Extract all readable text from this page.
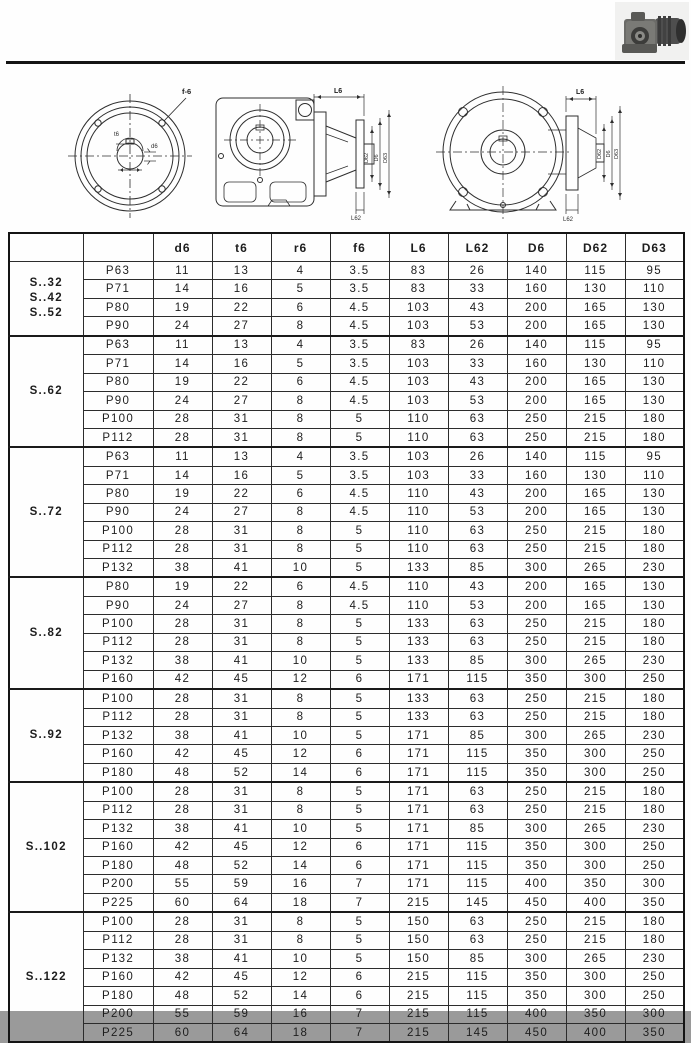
t6
d6
f-6	L6
D62 D6 D63
L62
L6
D62 D6 D63
L62
		d6	t6	r6	f6	L6	L62	D6	D62	D63

S..32
S..42
S..52	P63	11	13	4	3.5	83	26	140	115	95
	P71	14	16	5	3.5	83	33	160	130	110
	P80	19	22	6	4.5	103	43	200	165	130
	P90	24	27	8	4.5	103	53	200	165	130

S..62	P63	11	13	4	3.5	83	26	140	115	95
	P71	14	16	5	3.5	103	33	160	130	110
	P80	19	22	6	4.5	103	43	200	165	130
	P90	24	27	8	4.5	103	53	200	165	130
	P100	28	31	8	5	110	63	250	215	180
	P112	28	31	8	5	110	63	250	215	180

S..72	P63	11	13	4	3.5	103	26	140	115	95
	P71	14	16	5	3.5	103	33	160	130	110
	P80	19	22	6	4.5	110	43	200	165	130
	P90	24	27	8	4.5	110	53	200	165	130
	P100	28	31	8	5	110	63	250	215	180
	P112	28	31	8	5	110	63	250	215	180
	P132	38	41	10	5	133	85	300	265	230

S..82	P80	19	22	6	4.5	110	43	200	165	130
	P90	24	27	8	4.5	110	53	200	165	130
	P100	28	31	8	5	133	63	250	215	180
	P112	28	31	8	5	133	63	250	215	180
	P132	38	41	10	5	133	85	300	265	230
	P160	42	45	12	6	171	115	350	300	250

S..92	P100	28	31	8	5	133	63	250	215	180
	P112	28	31	8	5	133	63	250	215	180
	P132	38	41	10	5	171	85	300	265	230
	P160	42	45	12	6	171	115	350	300	250
	P180	48	52	14	6	171	115	350	300	250

S..102	P100	28	31	8	5	171	63	250	215	180
	P112	28	31	8	5	171	63	250	215	180
	P132	38	41	10	5	171	85	300	265	230
	P160	42	45	12	6	171	115	350	300	250
	P180	48	52	14	6	171	115	350	300	250
	P200	55	59	16	7	171	115	400	350	300
	P225	60	64	18	7	215	145	450	400	350

S..122	P100	28	31	8	5	150	63	250	215	180
	P112	28	31	8	5	150	63	250	215	180
	P132	38	41	10	5	150	85	300	265	230
	P160	42	45	12	6	215	115	350	300	250
	P180	48	52	14	6	215	115	350	300	250
	P200	55	59	16	7	215	115	400	350	300
	P225	60	64	18	7	215	145	450	400	350
